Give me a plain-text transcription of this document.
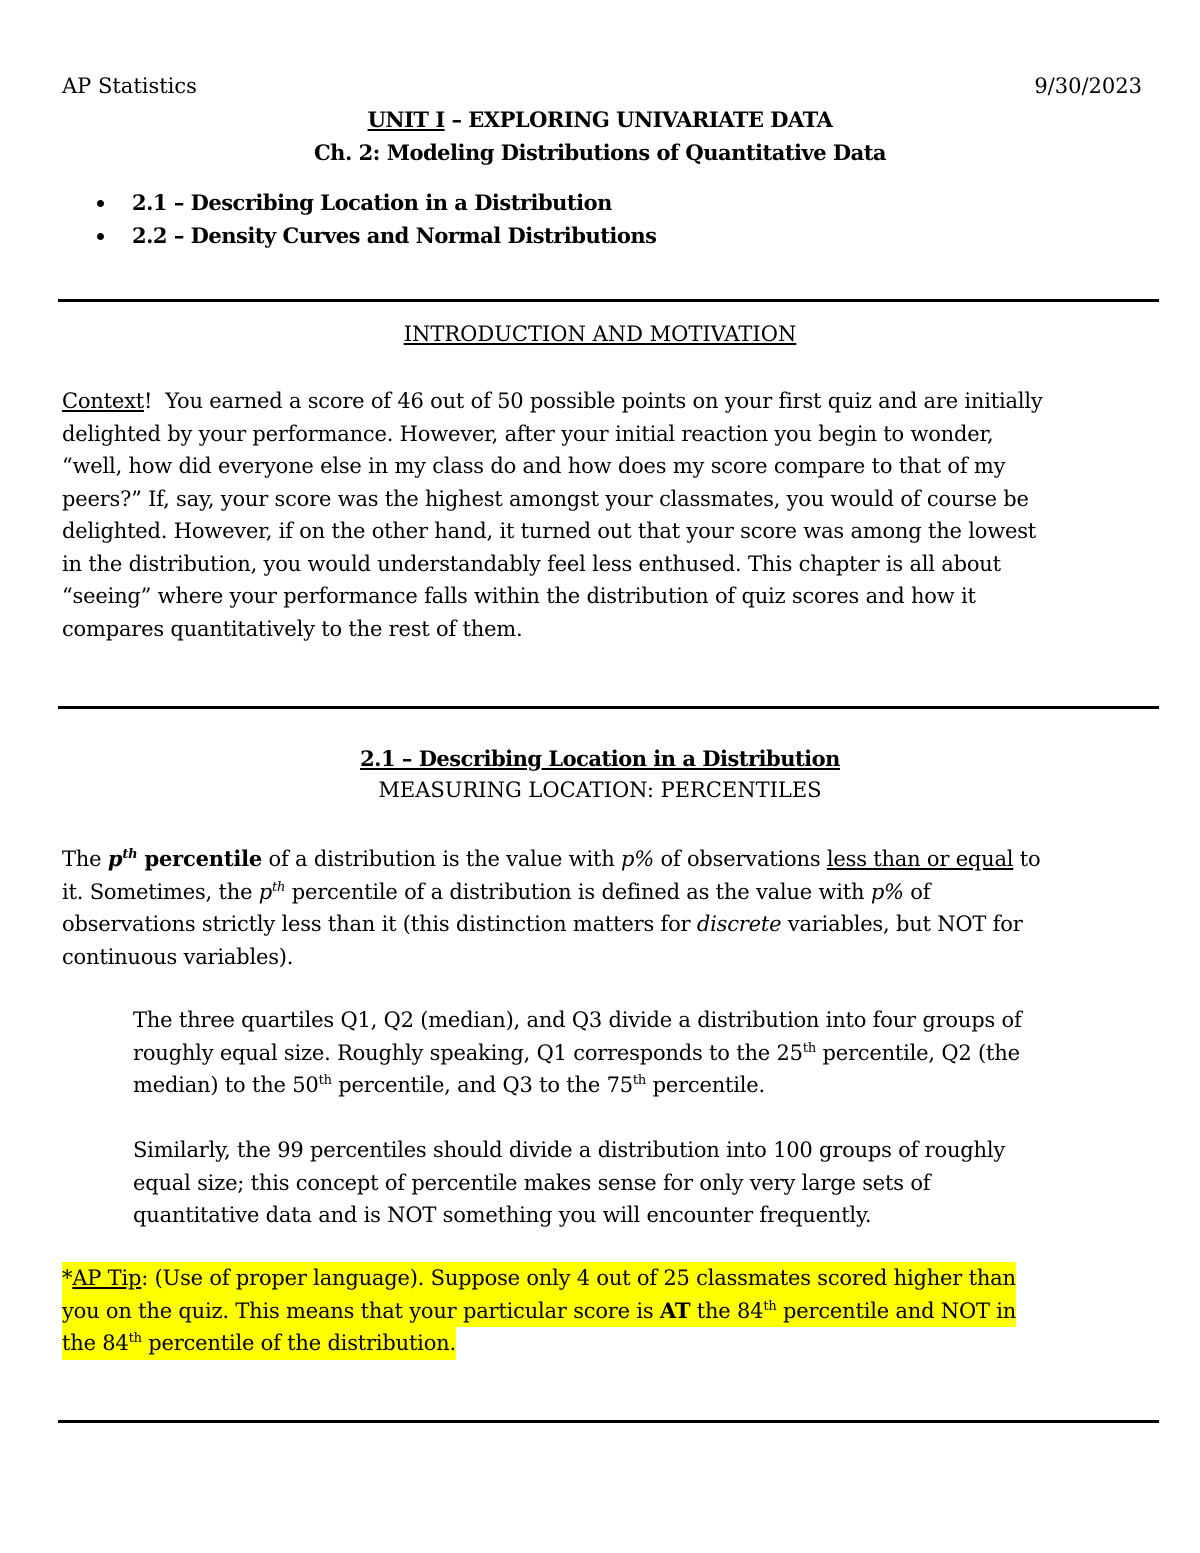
AP Statistics	9/30/2023
UNIT I – EXPLORING UNIVARIATE DATA
Ch. 2: Modeling Distributions of Quantitative Data
2.1 – Describing Location in a Distribution
2.2 – Density Curves and Normal Distributions
INTRODUCTION AND MOTIVATION
Context!  You earned a score of 46 out of 50 possible points on your first quiz and are initially
delighted by your performance. However, after your initial reaction you begin to wonder,
“well, how did everyone else in my class do and how does my score compare to that of my
peers?” If, say, your score was the highest amongst your classmates, you would of course be
delighted. However, if on the other hand, it turned out that your score was among the lowest
in the distribution, you would understandably feel less enthused. This chapter is all about
“seeing” where your performance falls within the distribution of quiz scores and how it
compares quantitatively to the rest of them.
2.1 – Describing Location in a Distribution
MEASURING LOCATION: PERCENTILES
The $p^{th}$ percentile of a distribution is the value with p% of observations less than or equal to
it. Sometimes, the $p^{th}$ percentile of a distribution is defined as the value with p% of
observations strictly less than it (this distinction matters for discrete variables, but NOT for
continuous variables).
The three quartiles Q1, Q2 (median), and Q3 divide a distribution into four groups of
roughly equal size. Roughly speaking, Q1 corresponds to the 25th percentile, Q2 (the
median) to the 50th percentile, and Q3 to the 75th percentile.
Similarly, the 99 percentiles should divide a distribution into 100 groups of roughly
equal size; this concept of percentile makes sense for only very large sets of
quantitative data and is NOT something you will encounter frequently.
*AP Tip: (Use of proper language). Suppose only 4 out of 25 classmates scored higher than
you on the quiz. This means that your particular score is AT the 84th percentile and NOT in
the 84th percentile of the distribution.
